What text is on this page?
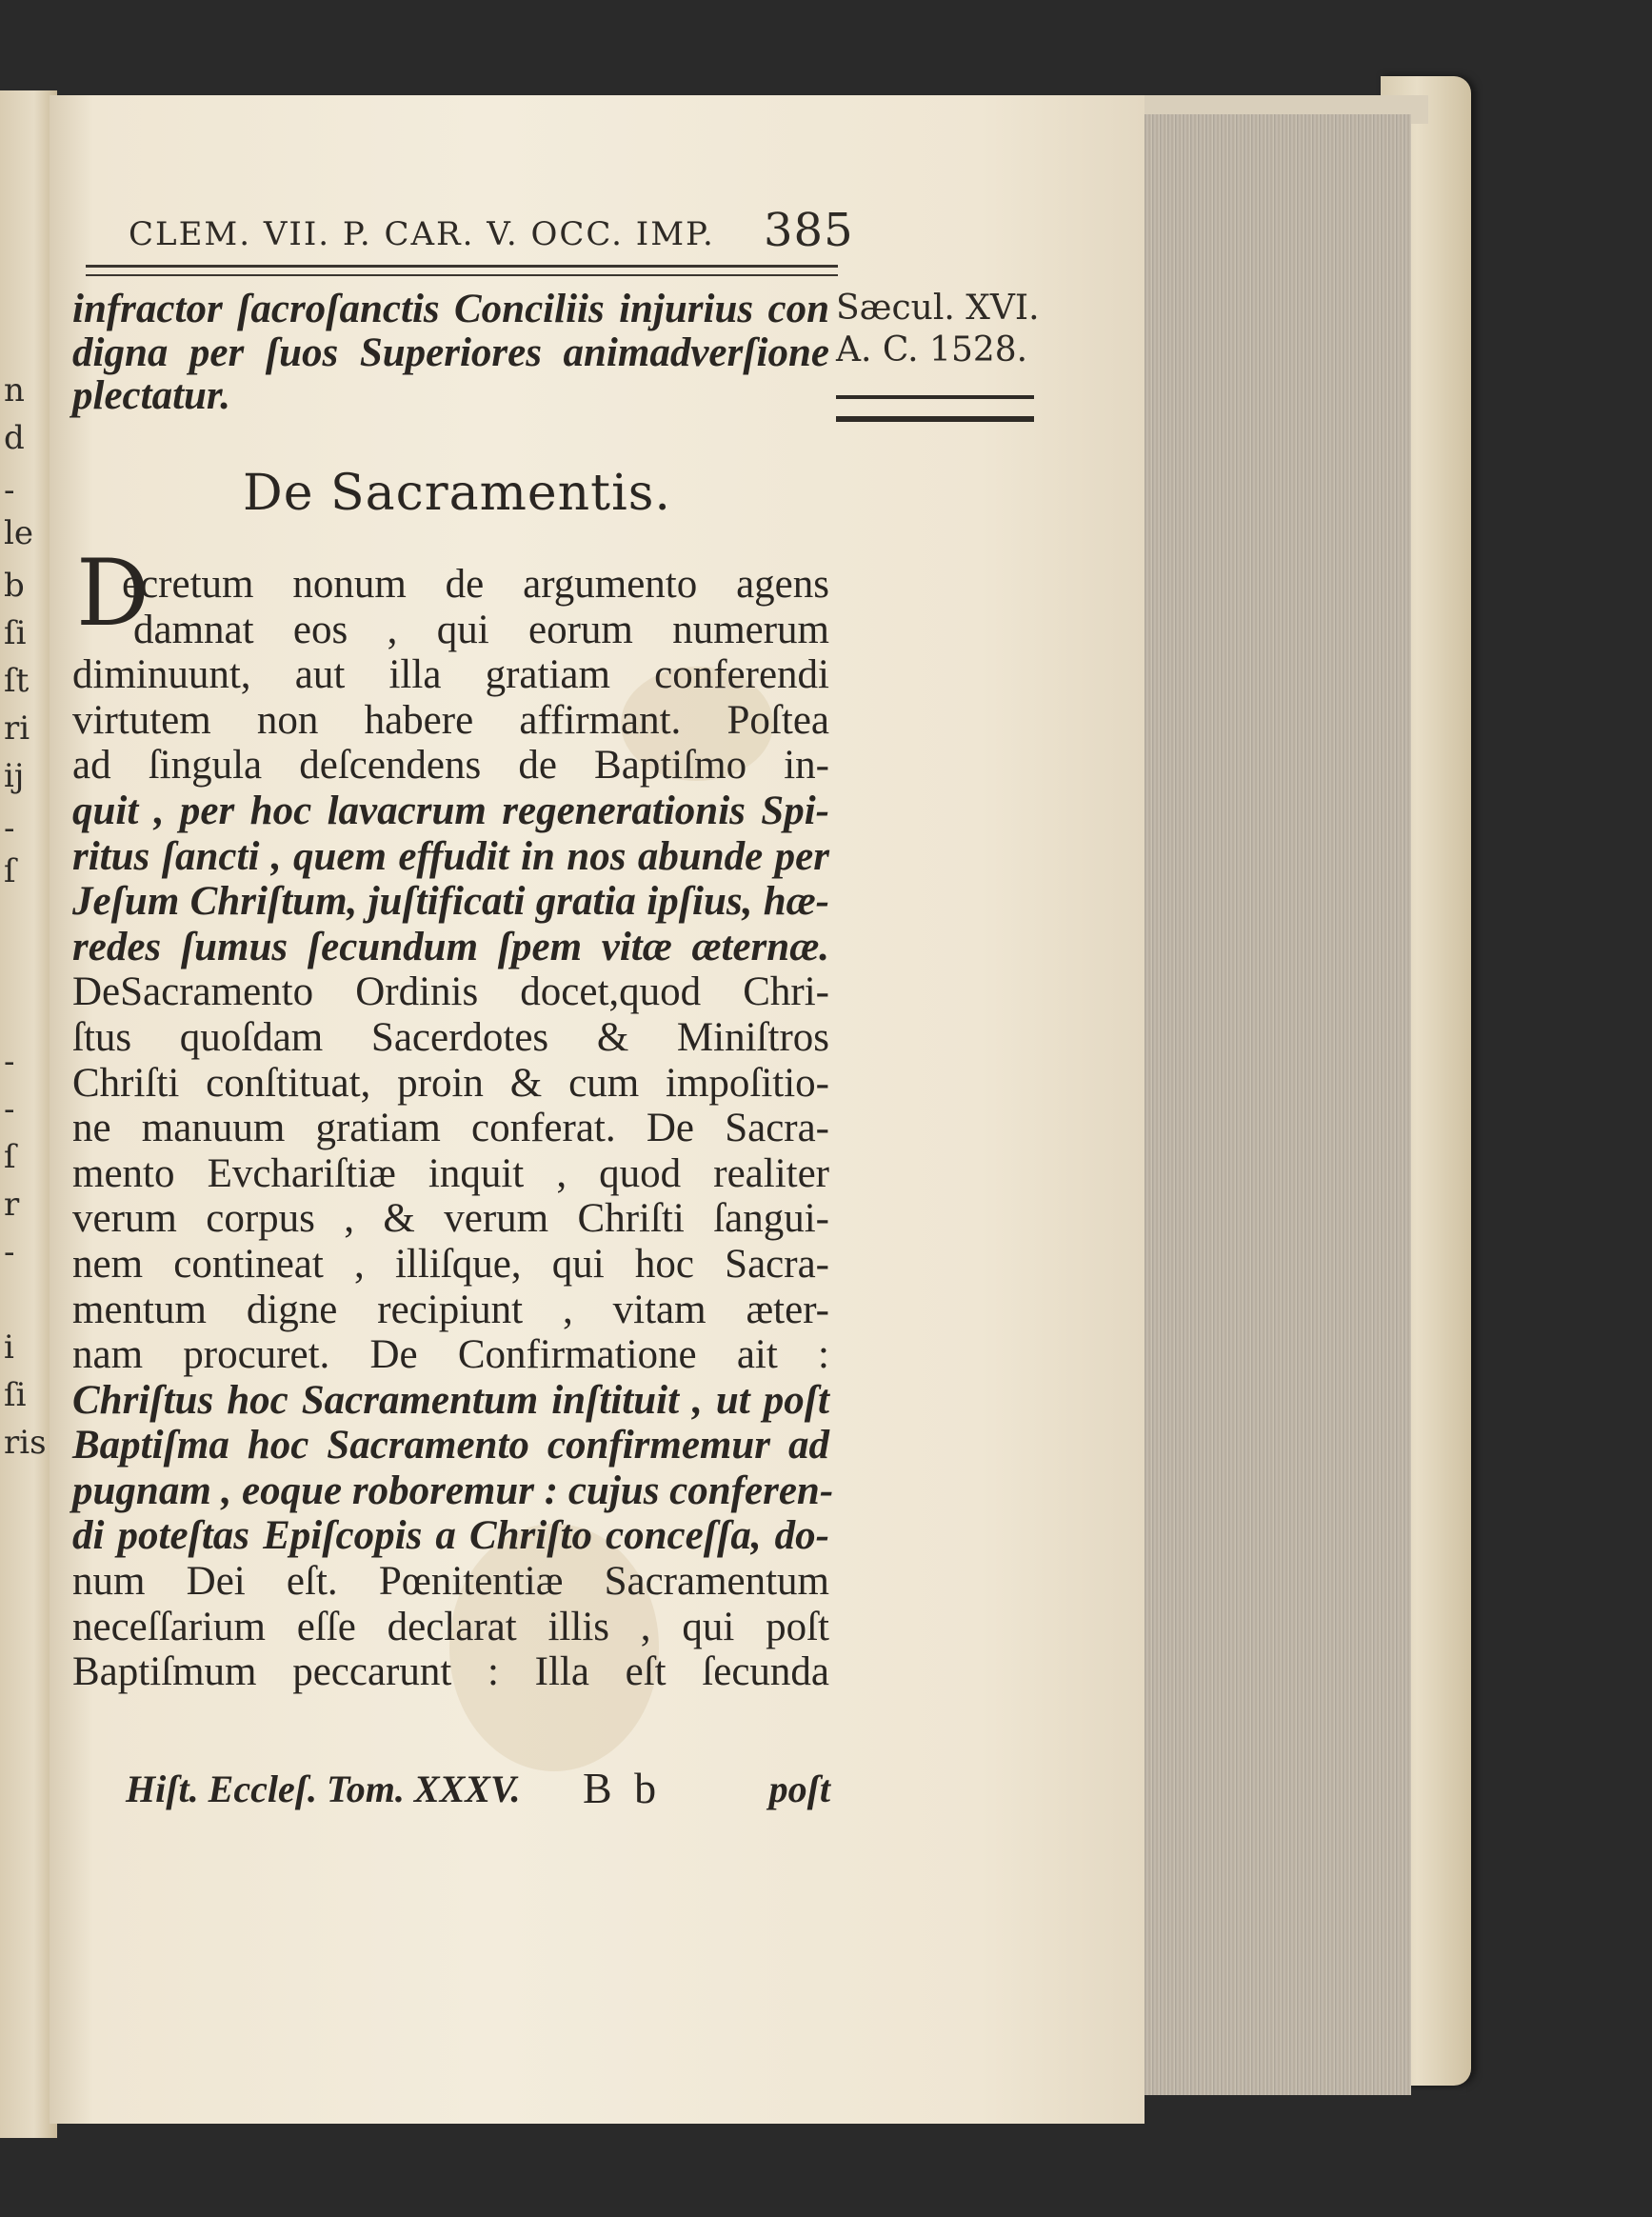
n
d
-
le
b
ſi
ſt
ri
ij
-
ſ
-
-
ſ
r
-
i
ſi
ris
CLEM. VII. P. CAR. V. OCC. IMP. 385
Sæcul. XVI.
A. C. 1528.
infractor ſacroſanctis Conciliis injurius con
digna per ſuos Superiores animadverſione
plectatur.
De Sacramentis.
D
ecretum nonum de argumento agens
damnat eos , qui eorum numerum
diminuunt, aut illa gratiam conferendi
virtutem non habere affirmant. Poſtea
ad ſingula deſcendens de Baptiſmo in-
quit , per hoc lavacrum regenerationis Spi-
ritus ſancti , quem effudit in nos abunde per
Jeſum Chriſtum, juſtificati gratia ipſius, hæ-
redes ſumus ſecundum ſpem vitæ æternæ.
DeSacramento Ordinis docet,quod Chri-
ſtus quoſdam Sacerdotes & Miniſtros
Chriſti conſtituat, proin & cum impoſitio-
ne manuum gratiam conferat. De Sacra-
mento Evchariſtiæ inquit , quod realiter
verum corpus , & verum Chriſti ſangui-
nem contineat , illiſque, qui hoc Sacra-
mentum digne recipiunt , vitam æter-
nam procuret. De Confirmatione ait :
Chriſtus hoc Sacramentum inſtituit , ut poſt
Baptiſma hoc Sacramento confirmemur ad
pugnam , eoque roboremur : cujus conferen-
di poteſtas Epiſcopis a Chriſto conceſſa, do-
num Dei eſt. Pœnitentiæ Sacramentum
neceſſarium eſſe declarat illis , qui poſt
Baptiſmum peccarunt : Illa eſt ſecunda
Hiſt. Eccleſ. Tom. XXXV. B b	poſt
